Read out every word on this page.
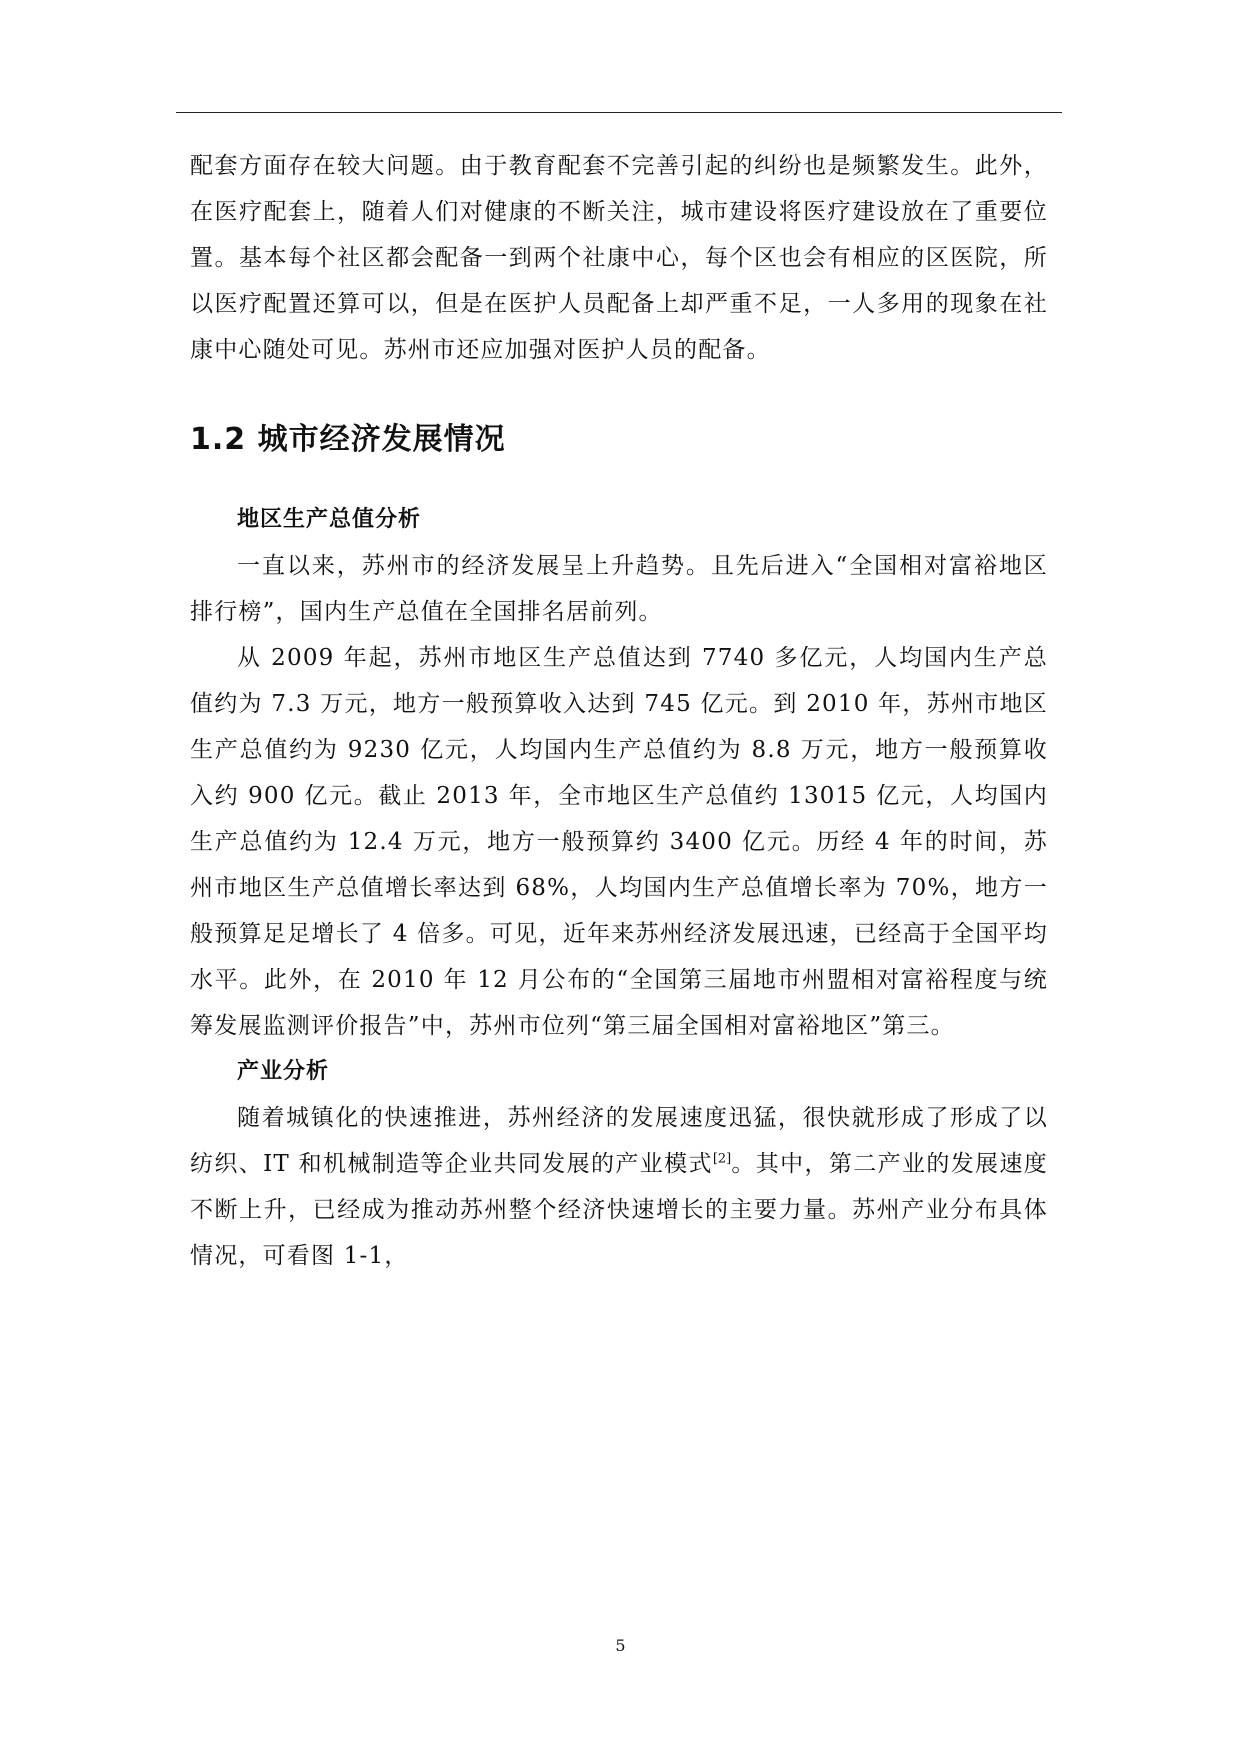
配套方面存在较大问题。由于教育配套不完善引起的纠纷也是频繁发生。此外，在医疗配套上，随着人们对健康的不断关注，城市建设将医疗建设放在了重要位置。基本每个社区都会配备一到两个社康中心，每个区也会有相应的区医院，所以医疗配置还算可以，但是在医护人员配备上却严重不足，一人多用的现象在社康中心随处可见。苏州市还应加强对医护人员的配备。

1.2 城市经济发展情况
地区生产总值分析

一直以来，苏州市的经济发展呈上升趋势。且先后进入“全国相对富裕地区排行榜”，国内生产总值在全国排名居前列。

从 2009 年起，苏州市地区生产总值达到 7740 多亿元，人均国内生产总值约为 7.3 万元，地方一般预算收入达到 745 亿元。到 2010 年，苏州市地区生产总值约为 9230 亿元，人均国内生产总值约为 8.8 万元，地方一般预算收入约 900 亿元。截止 2013 年，全市地区生产总值约 13015 亿元，人均国内生产总值约为 12.4 万元，地方一般预算约 3400 亿元。历经 4 年的时间，苏州市地区生产总值增长率达到 68%，人均国内生产总值增长率为 70%，地方一般预算足足增长了 4 倍多。可见，近年来苏州经济发展迅速，已经高于全国平均水平。此外，在 2010 年 12 月公布的“全国第三届地市州盟相对富裕程度与统筹发展监测评价报告”中，苏州市位列“第三届全国相对富裕地区”第三。

产业分析

随着城镇化的快速推进，苏州经济的发展速度迅猛，很快就形成了形成了以纺织、IT 和机械制造等企业共同发展的产业模式[2]。其中，第二产业的发展速度不断上升，已经成为推动苏州整个经济快速增长的主要力量。苏州产业分布具体情况，可看图 1-1，

5
